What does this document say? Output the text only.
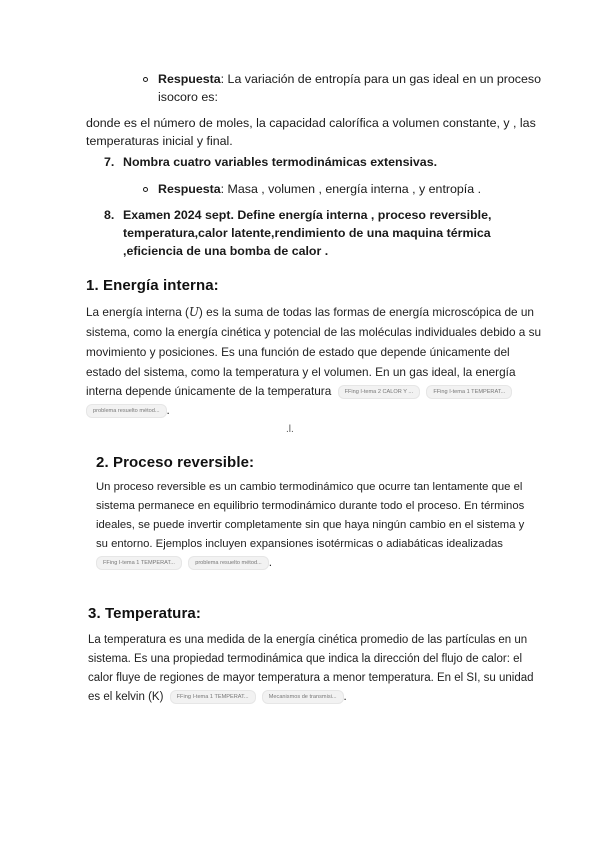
Respuesta: La variación de entropía para un gas ideal en un proceso
isocoro es:
donde es el número de moles, la capacidad calorífica a volumen constante, y , las
temperaturas inicial y final.
7. Nombra cuatro variables termodinámicas extensivas.
Respuesta: Masa , volumen , energía interna , y entropía .
8. Examen 2024 sept. Define energía interna , proceso reversible,
temperatura,calor latente,rendimiento de una maquina térmica
,eficiencia de una bomba de calor .
1. Energía interna:
La energía interna (U) es la suma de todas las formas de energía microscópica de un
sistema, como la energía cinética y potencial de las moléculas individuales debido a su
movimiento y posiciones. Es una función de estado que depende únicamente del
estado del sistema, como la temperatura y el volumen. En un gas ideal, la energía
interna depende únicamente de la temperatura FFing I-tema 2 CALOR Y ...	FFing I-tema 1 TEMPERAT...
problema resuelto métod... .
.l.
2. Proceso reversible:
Un proceso reversible es un cambio termodinámico que ocurre tan lentamente que el
sistema permanece en equilibrio termodinámico durante todo el proceso. En términos
ideales, se puede invertir completamente sin que haya ningún cambio en el sistema y
su entorno. Ejemplos incluyen expansiones isotérmicas o adiabáticas idealizadas
FFing I-tema 1 TEMPERAT...	problema resuelto métod... .
3. Temperatura:
La temperatura es una medida de la energía cinética promedio de las partículas en un
sistema. Es una propiedad termodinámica que indica la dirección del flujo de calor: el
calor fluye de regiones de mayor temperatura a menor temperatura. En el SI, su unidad
es el kelvin (K) FFing I-tema 1 TEMPERAT...	Mecanismos de transmisi... .
